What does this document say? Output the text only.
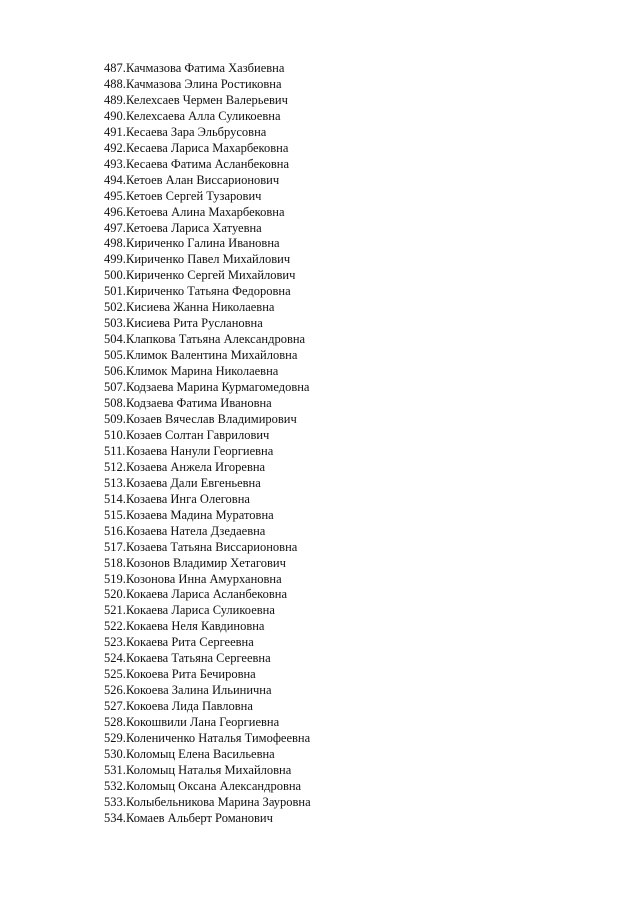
487.Качмазова Фатима Хазбиевна
488.Качмазова Элина Ростиковна
489.Келехсаев Чермен Валерьевич
490.Келехсаева Алла Суликоевна
491.Кесаева Зара Эльбрусовна
492.Кесаева Лариса Махарбековна
493.Кесаева Фатима Асланбековна
494.Кетоев Алан Виссарионович
495.Кетоев Сергей Тузарович
496.Кетоева Алина Махарбековна
497.Кетоева Лариса Хатуевна
498.Кириченко Галина Ивановна
499.Кириченко Павел Михайлович
500.Кириченко Сергей Михайлович
501.Кириченко Татьяна Федоровна
502.Кисиева Жанна Николаевна
503.Кисиева Рита Руслановна
504.Клапкова Татьяна Александровна
505.Климок Валентина Михайловна
506.Климок Марина Николаевна
507.Кодзаева Марина Курмагомедовна
508.Кодзаева Фатима Ивановна
509.Козаев Вячеслав Владимирович
510.Козаев Солтан Гаврилович
511.Козаева Нанули Георгиевна
512.Козаева Анжела Игоревна
513.Козаева Дали Евгеньевна
514.Козаева Инга Олеговна
515.Козаева Мадина Муратовна
516.Козаева Натела Дзедаевна
517.Козаева Татьяна Виссарионовна
518.Козонов Владимир Хетагович
519.Козонова Инна Амурхановна
520.Кокаева Лариса Асланбековна
521.Кокаева Лариса Суликоевна
522.Кокаева Неля Кавдиновна
523.Кокаева Рита Сергеевна
524.Кокаева Татьяна Сергеевна
525.Кокоева Рита Бечировна
526.Кокоева Залина Ильинична
527.Кокоева Лида Павловна
528.Кокошвили Лана Георгиевна
529.Колениченко Наталья Тимофеевна
530.Коломыц Елена Васильевна
531.Коломыц Наталья Михайловна
532.Коломыц Оксана Александровна
533.Колыбельникова Марина Зауровна
534.Комаев Альберт Романович
